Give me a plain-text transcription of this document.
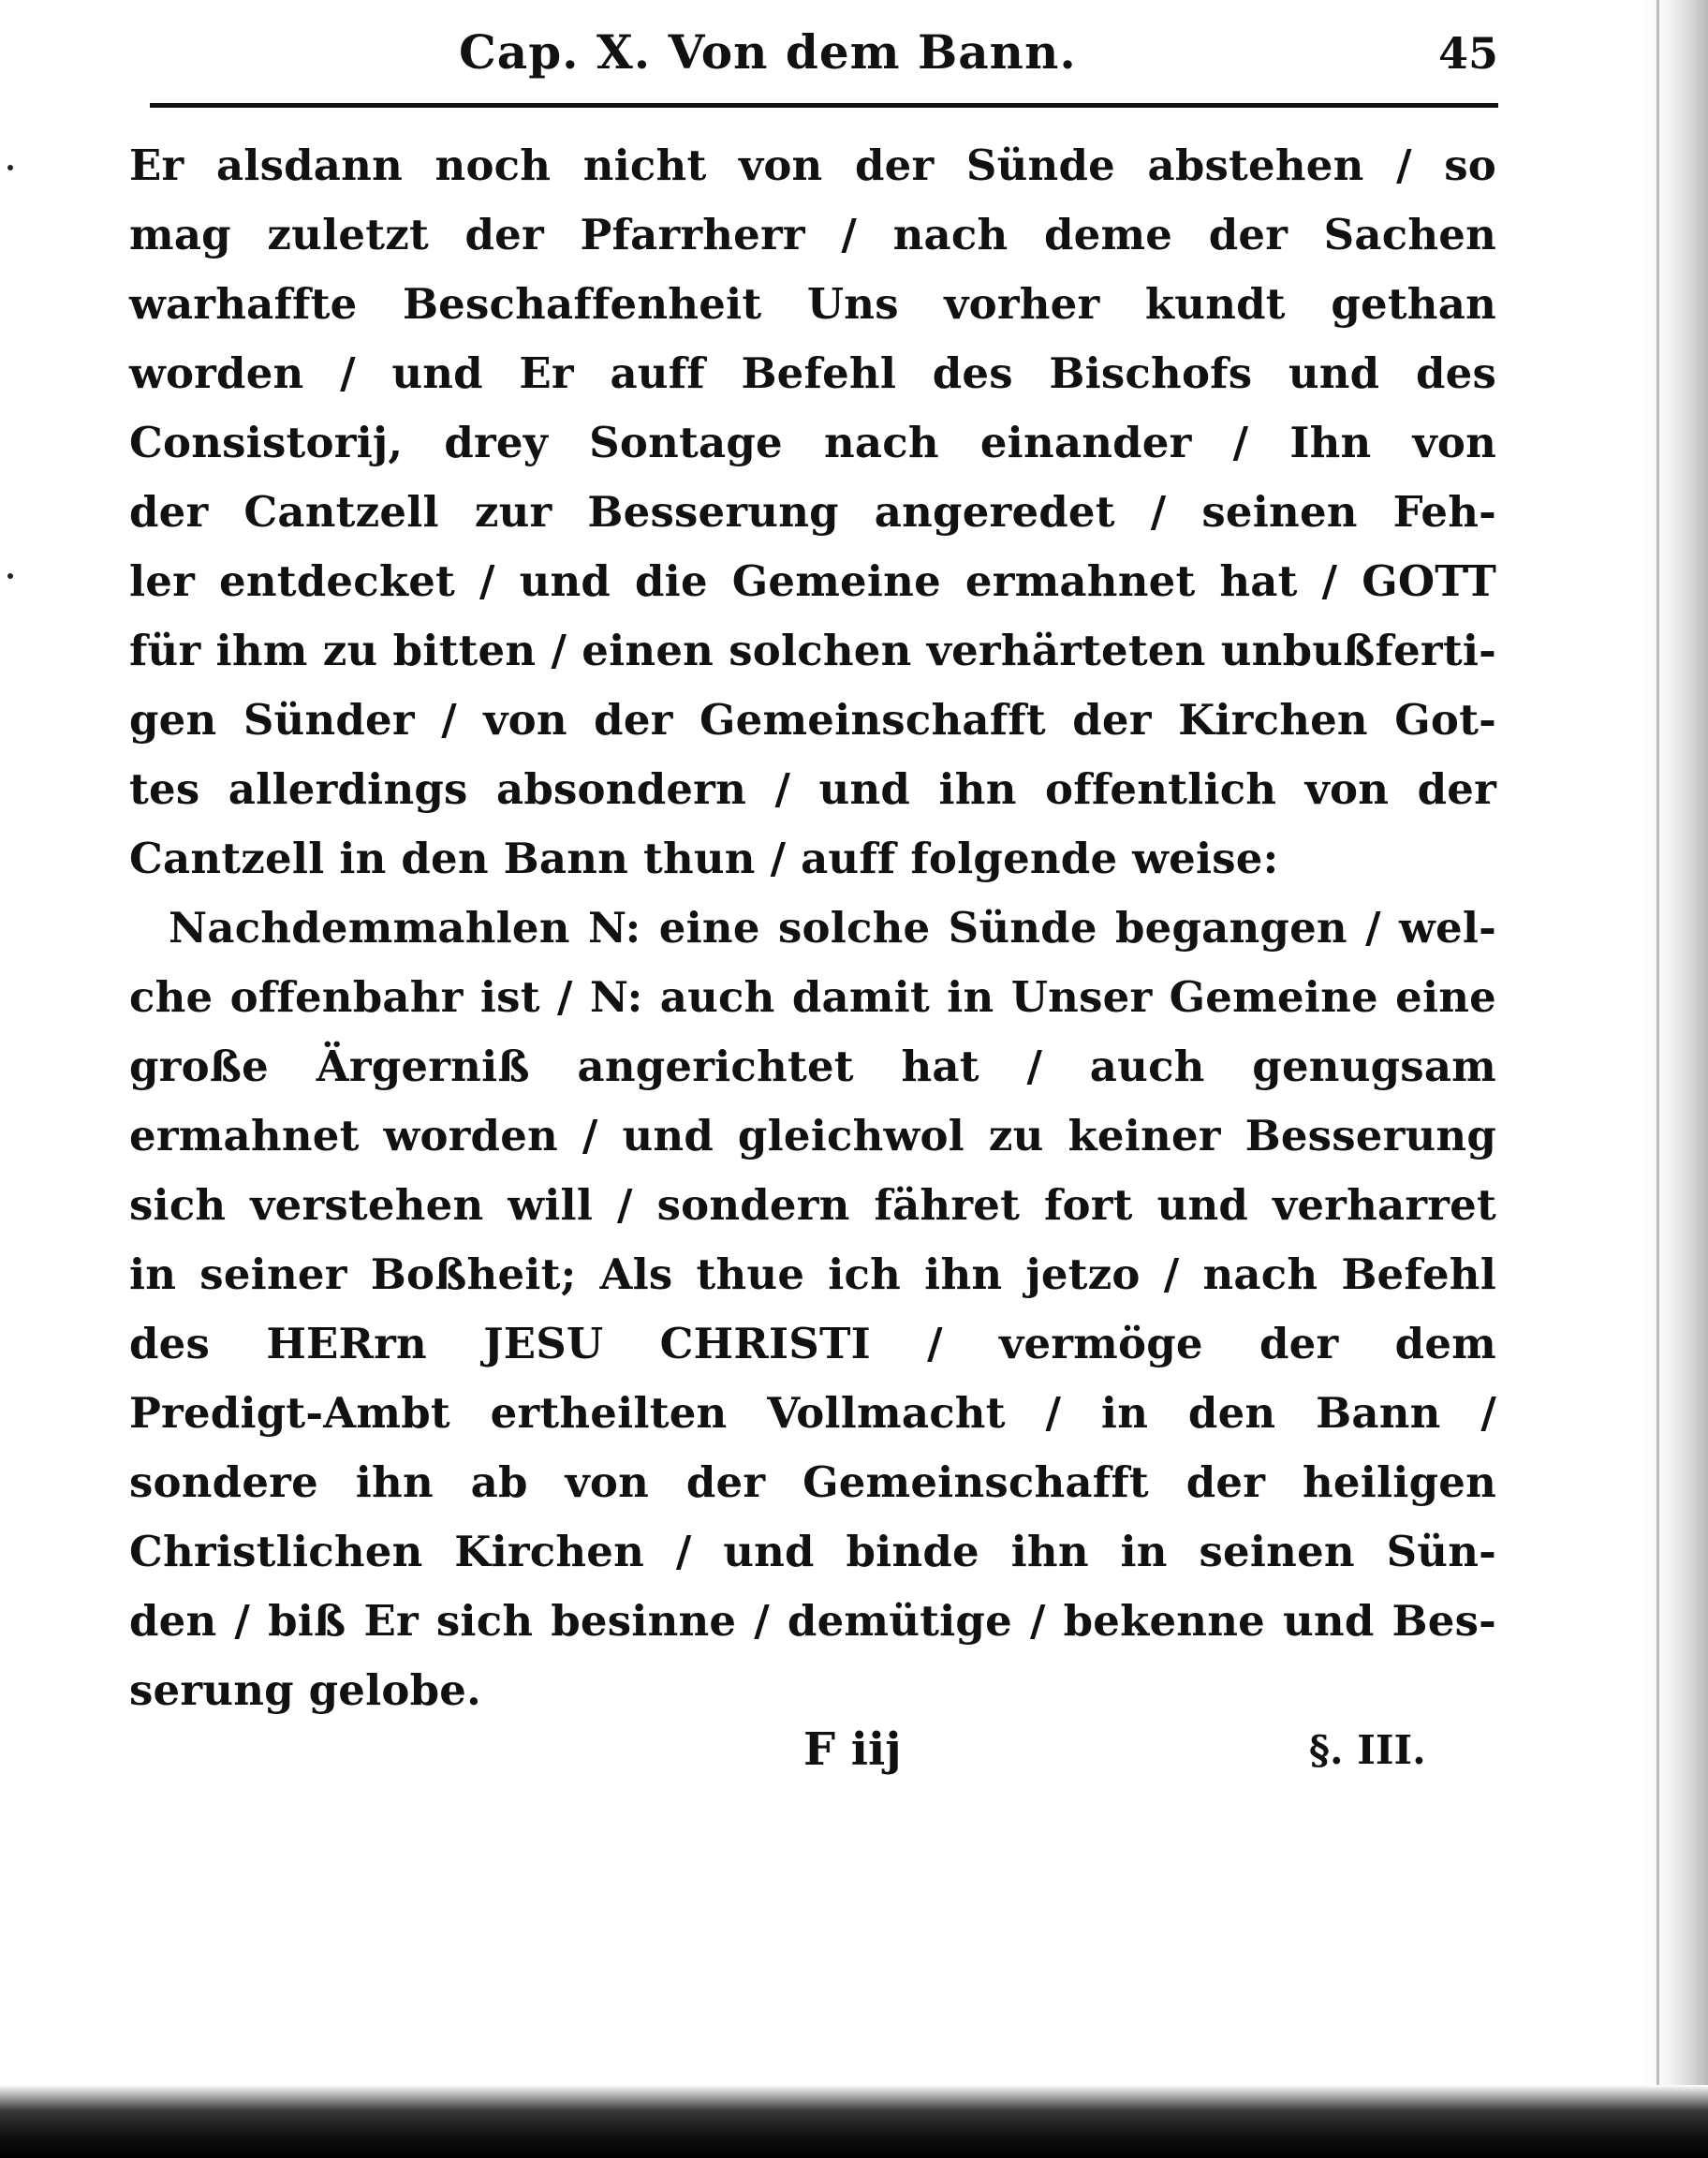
Cap. X. Von dem Bann.	45
Er alsdann noch nicht von der Sünde abstehen / so
mag zuletzt der Pfarrherr / nach deme der Sachen
warhaffte Beschaffenheit Uns vorher kundt gethan
worden / und Er auff Befehl des Bischofs und des
Consistorij, drey Sontage nach einander / Ihn von
der Cantzell zur Besserung angeredet / seinen Feh-
ler entdecket / und die Gemeine ermahnet hat / GOTT
für ihm zu bitten / einen solchen verhärteten unbußferti-
gen Sünder / von der Gemeinschafft der Kirchen Got-
tes allerdings absondern / und ihn offentlich von der
Cantzell in den Bann thun / auff folgende weise:
Nachdemmahlen N: eine solche Sünde begangen / wel-
che offenbahr ist / N: auch damit in Unser Gemeine eine
große Ärgerniß angerichtet hat / auch genugsam
ermahnet worden / und gleichwol zu keiner Besserung
sich verstehen will / sondern fähret fort und verharret
in seiner Boßheit; Als thue ich ihn jetzo / nach Befehl
des HERrn JESU CHRISTI / vermöge der dem
Predigt-Ambt ertheilten Vollmacht / in den Bann /
sondere ihn ab von der Gemeinschafft der heiligen
Christlichen Kirchen / und binde ihn in seinen Sün-
den / biß Er sich besinne / demütige / bekenne und Bes-
serung gelobe.
F iij	§. III.
